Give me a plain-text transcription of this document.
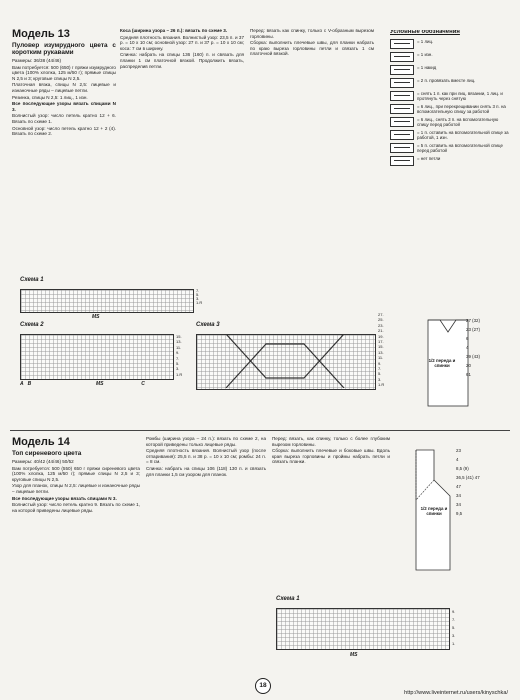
Модель 13
Пуловер изумрудного цвета с коротким рукавами

Размеры: 36/38 (44/46)

Вам потребуется: 500 (650) г пряжи изумрудного цвета (100% хлопка, 125 м/50 г); прямые спицы N 2,5 и 3; круговые спицы N 2,5.

Платочная вязка, спицы N 2,5: лицевые и изнаночные ряды – лицевые петли.

Резинка, спицы N 2,5: 1 лиц., 1 изн.

Все последующие узоры вязать спицами N 3.

Волнистый узор: число петель кратно 12 + 6. Вязать по схеме 1.

Основной узор: число петель кратно 12 + 2 (4). Вязать по схеме 2.

Коса (ширина узора – 26 п.): вязать по схеме 3.

Средняя плотность вязания. Волнистый узор: 23,5 п. и 37 р. = 10 х 10 см; основной узор: 27 п. и 37 р. = 10 х 10 см; коса: 7 см в ширину.

Спинка: набрать на спицы 136 (160) п. и связать для планки 1 см платочной вязкой. Продолжить вязать, распределив петли.

Перед: вязать как спинку, только с V-образным вырезом горловины.

Сборка: выполнить плечевые швы, для планки набрать по краю выреза горловины петли и связать 1 см платочной вязкой.

Условные обозначения
= 1 лиц.
= 1 изн.
= 1 накид
= 2 п. провязать вместе лиц.
= снять 1 п. как при лиц. вязании, 1 лиц. и протянуть через снятую
= 6 лиц., при перекрещивании снять 3 п. на вспомогательную спицу за работой
= 6 лиц., снять 3 п. на вспомогательную спицу перед работой
= 1 п. оставить на вспомогательной спице за работой, 1 изн.
= 5 п. оставить на вспомогательной спице перед работой
= нет петли
Схема 1
7.
5.
3.
1.R
MS
Схема 2
15.
13.
11.
9.
7.
5.
3.
1.R
A B	C
MS
Схема 3
27.
25.
23.
21.
19.
17.
15.
13.
11.
9.
7.
5.
3.
1.R
1/2 переда и спинки
27 (32)
23 (27)
6
4
39 (43)
20
61
Модель 14
Топ сиреневого цвета

Размеры: 40/42 (44/46) 50/52

Вам потребуется: 500 (550) 650 г пряжи сиреневого цвета (100% хлопка, 125 м/50 г); прямые спицы N 2,5 и 3; круговые спицы N 2,5.

Узор для планок, спицы N 2,5: лицевые и изнаночные ряды – лицевые петли.

Все последующие узоры вязать спицами N 3.

Волнистый узор: число петель кратно 9. Вязать по схеме 1, на которой приведены лицевые ряды.

Ромбы (ширина узора – 24 п.): вязать по схеме 2, на которой приведены только лицевые ряды.

Средняя плотность вязания. Волнистый узор (после отпаривания): 25,5 п. и 38 р. = 10 х 10 см; ромбы: 24 п. = 8 см.

Спинка: набрать на спицы 106 (118) 130 п. и связать для планки 1,5 см узором для планок.

Перед: вязать, как спинку, только с более глубоким вырезом горловины.

Сборка: выполнить плечевые и боковые швы. Вдоль края выреза горловины и проймы набрать петли и связать планки.

1/2 переда и спинки
23
4
8,5 (9)
36,5 (41) 47
47
34
34
9,5
Схема 1
9.
7.
5.
3.
1.
MS
18
http://www.liveinternet.ru/users/kinyschka/
